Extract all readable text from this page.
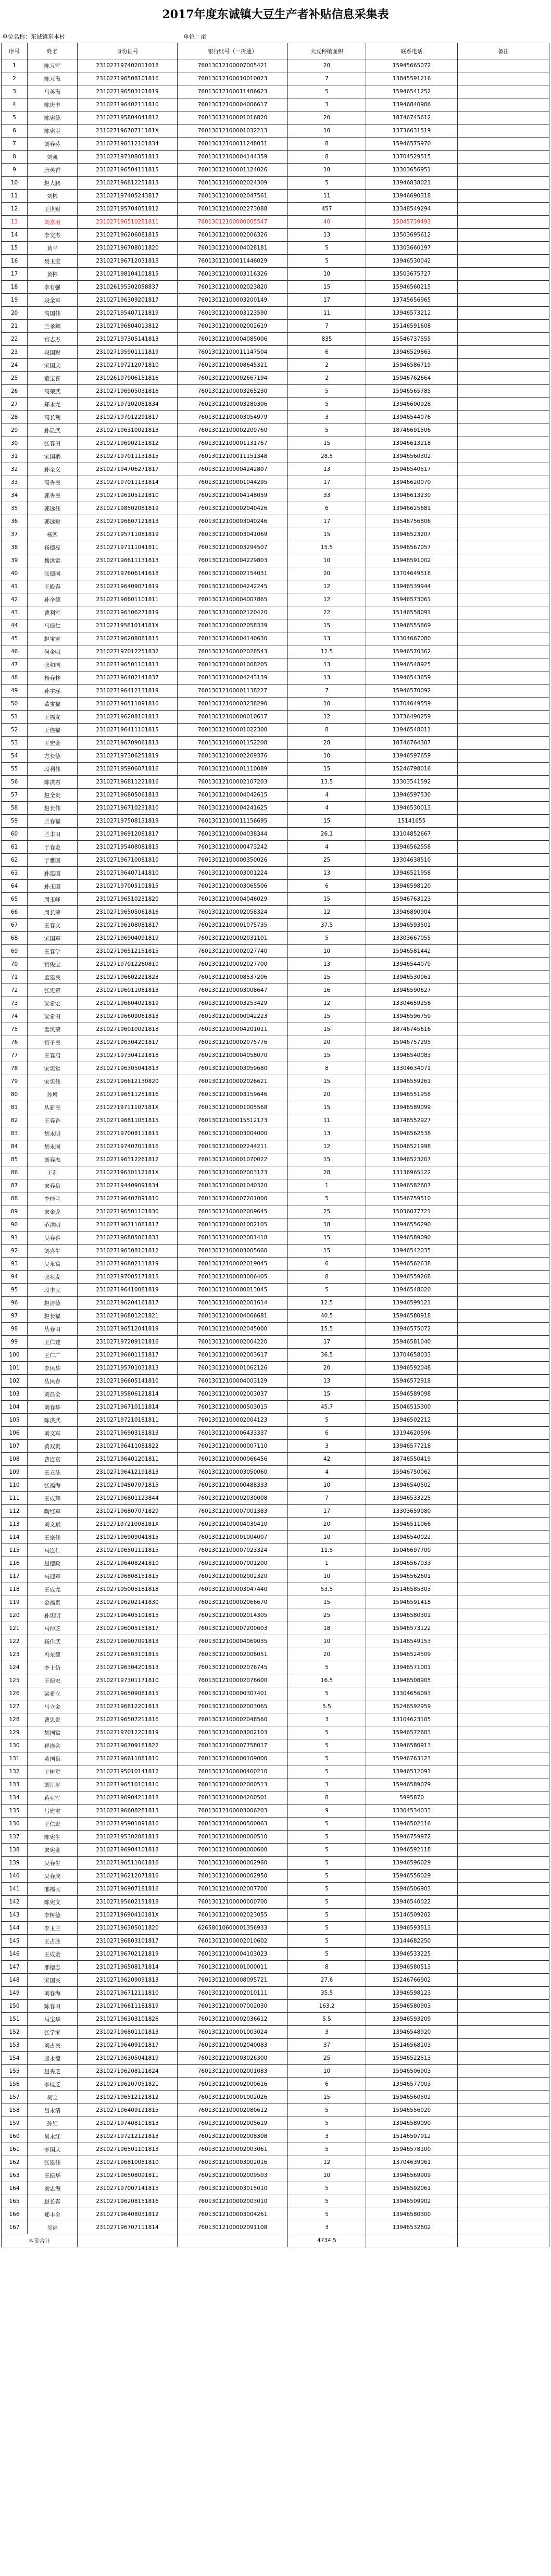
2017年度东诚镇大豆生产者补贴信息采集表
单位名称：东诚镇东本村	单位：亩
序号	姓名	身份证号	银行账号（一折通）	大豆种植面积	联系电话	备注
1	陈万军	231027197402011018	76013012100007005421	20	15945665072	
2	陈万海	231027196508101816	76013012100010010023	7	13845591216	
3	马英海	231027196503101819	76013012100011486623	5	15946541252	
4	陈庆丰	231027196402111810	76013012100004006617	3	13946840986	
5	陈宪德	231027195804041812	76013012100001016820	20	18746745612	
6	陈宪臣	23102719670711181X	76013012100001032213	10	13736631519	
7	刘春芬	231027198312101834	76013012100011248031	8	15946575970	
8	刘凯	231027197108051813	76013012100004144359	8	13704529515	
9	唐英香	231027196504111815	76013012100001124026	10	13303656951	
10	赵大鹏	231027196812251813	76013012100002024309	5	13946838021	
11	刘彬	231027197405243817	76013012100002047561	11	13946690318	
12	王世财	231027195704051812	76013012100002273088	457	13348549294	
13	刘嘉丽	231027196510281811	76013012100000005547	40	15045739493	
14	李交杰	231027196206081815	76013012100002006326	13	13503695612	
15	黄平	231027196708011820	76013012100004028181	5	13303660197	
16	聂玉宝	231027196712031818	76013012100011446029	5	13946530042	
17	黄彬	231027198104101815	76013012100003116326	10	13503675727	
18	李有强	231026195302058837	76013012100002023820	15	15946560215	
19	段金军	231027196309201817	76013012100003200149	17	13745656965	
20	高国伟	231027195407121819	76013012100003123590	11	13946573212	
21	兰孝卿	231027196804013812	76013012100002002619	7	15146591608	
22	宫志杰	231027197305141813	76013012100004085006	835	15546737555	
23	段国财	231027195901111819	76013012100011147504	6	13946529863	
24	宋国庆	231027197212071810	76013012100008645321	2	15946586719	
25	董宝喜	231026197906151816	76013012100002667194	2	15946762664	
26	高荣武	231027196905031816	76013012100003265230	5	15946565785	
27	郑永龙	231027197102081834	76013012100003280306	5	13946600928	
28	高长利	231027197012291817	76013012100003054979	3	13946544076	
29	孙显武	231027196310021813	76013012100002209760	5	18746691506	
30	张春田	231027196902131812	76013012100001131767	15	13946613218	
31	宋国柄	231027197011131815	76013012100011151348	28.5	13946560302	
32	孙全义	231027194706271817	76013012100004242807	13	15946540517	
33	高秀民	231027197011131814	76013012100001044295	17	13946620070	
34	郭秀民	231027196105121810	76013012100004148059	33	13946613230	
35	郭远伟	231027198502081819	76013012100002040426	6	13946625681	
36	郭远财	231027196607121813	76013012100003040246	17	15546756806	
37	杨四	231027195711081819	76013012100003041069	15	13946523207	
38	杨德亮	231027197111041811	76013012100003294507	15.5	15946567057	
39	魏洪雷	231027196611131813	76013012100004229803	10	13946591002	
40	张德国	231027197606141618	76013012100002154031	20	13704649518	
41	王殿春	231027196409071819	76013012100004242245	12	13946539944	
42	孙全德	231027196601101811	76013012100004007865	12	15946573061	
43	曹利军	231027196306271819	76013012100002120420	22	15146558091	
44	马德仁	23102719581014181X	76013012100002058339	15	13946555869	
45	赵宝宝	231027196208081815	76013012100004140630	13	13304667080	
46	何金明	231027197012251832	76013012100002028543	12.5	15946570362	
47	张和国	231027196501101813	76013012100001008205	13	13946548925	
48	杨春林	231027196402141837	76013012100004243139	13	13946543659	
49	孙宇琢	231027196412131819	76013012100001138227	7	15946570092	
50	董宝福	231027196511091816	76013012100003238290	10	13704649559	
51	王福友	231027196208101813	76013012100000010617	12	13736490259	
52	王连福	231027196411101815	76013012100001022300	8	13946548011	
53	王宏金	231027196709061813	76013012100001152208	28	18746764307	
54	方长德	231027197306251819	76013012100002269376	10	13946597659	
55	段利伟	231027195906071816	76013012100001110089	15	15246798016	
56	陈洪君	231027196811221816	76013012100002107203	13.5	13303541592	
57	赵全贵	231027196805061813	76013012100004042615	4	13946597530	
58	赵长伟	231027196710231810	76013012100004241625	4	13946530013	
59	兰春福	231027197508131819	76013012100011156695	15	15141655	
60	兰丰田	231027196912081817	76013012100004038344	26.1	13104852667	
61	于春金	231027195408081815	76013012100000473242	4	13946562558	
62	于雅国	231027196710081810	76013012100000350026	25	13304638510	
63	孙建国	231027196407141810	76013012100003001224	13	13946521958	
64	孙玉国	231027197005101815	76013012100003065506	6	13946598120	
65	周玉峰	231027196510231820	76013012100004046029	15	15946763123	
66	周长荣	231027196505061816	76013012100002058324	12	13946890904	
67	王春文	231027196108081817	76013012100001075735	37.5	13946593501	
68	宋国军	231027196904091819	76013012100002031101	5	13303667055	
69	王春学	231027196512151815	76013012100002027740	10	15946581442	
70	宫俊宝	231027197012260810	76013012100002027700	13	13946544079	
71	孟建民	231027196602221823	76013012100008537206	15	13946530961	
72	张宪章	231027196011081813	76013012100003008647	16	13946590627	
73	梁希宏	231027196604021819	76013012100003253429	12	13304659258	
74	梁希田	231027196609061813	76013012100000042223	15	13946596759	
75	盂凤荣	231027196010021818	76013012100004201011	15	18746745616	
76	宫子民	231027196304201817	76013012100002075776	20	15946757295	
77	王春启	231027197304121818	76013012100004058070	15	13946540083	
78	宋宪堂	231027196305041813	76013012100003059680	8	13304634071	
79	宋宪伟	231027196612130820	76013012100002026621	15	13946559261	
80	孙增	231027196511251816	76013012100003159646	20	13946551958	
81	丛新民	23102719711107181X	76013012100001005568	15	13946589099	
82	王春香	231027196811051815	76013012100015512173	11	18746552927	
83	胡永明	231027197008111815	76013012100003004000	13	15946562538	
84	胡永国	231027197407011816	76013012100002244211	12	15046521998	
85	刘春杰	231027196312261812	76013012100001070022	15	13946523207	
86	王利	23102719630112181X	76013012100002003173	28	13136965122	
87	宋春泉	231027194409091834	76013012100001040320	1	13946582607	
88	李桂兰	231027196407091810	76013012100007201000	5	13546759510	
89	宋金龙	231027196501101830	76013012100002009645	25	15036077721	
90	范洪明	231027196711081817	76013012100001002105	18	13946556290	
91	吴春喜	231027196805061833	76013012100002001418	15	13946589090	
92	刘喜生	231027196308101812	76013012100003005660	15	13946542035	
93	吴永富	231027196802111819	76013012100002019045	6	15946562638	
94	张兆发	231027197005171815	76013012100003006405	8	13946559268	
95	段丰民	231027196410081819	76013012100000013045	5	13946548020	
96	赵清德	231027196204161817	76013012100002001614	12.5	13946599121	
97	赵长福	231027196801201821	76013012100004066681	40.5	15946580918	
98	丛春田	231027196512041819	76013012100002045000	15.5	13946575072	
99	王仁建	231027197209101816	76013012100002004220	17	15946581040	
100	王仁广	231027196601151817	76013012100002003617	36.5	13704658033	
101	李民华	231027195701031813	76013012100001062126	20	13946592048	
102	丛民春	231027196605141810	76013012100004003129	13	15946572918	
103	刘昌全	231027195806121814	76013012100002003037	15	15946589098	
104	刘春华	231027196710111814	76013012100000503015	45.7	15046515300	
105	陈洪武	231027197210181811	76013012100002004123	5	13946502212	
106	刘文军	231027196903181813	76013012100006433337	6	13194620596	
107	黄双贵	231027196411081822	76013012100000007110	3	13946577218	
108	曹连富	231027196401201811	76013012100000066456	42	18746550419	
109	王立法	231027196412191813	76013012100003050060	4	15946750062	
110	张福海	231027194807071815	76013012100000488333	10	13946540502	
111	王成辉	231027196801123844	76013012100002030008	7	13946533225	
112	陶红军	231027196807071829	76013012100007001383	17	13303659080	
113	刘文斌	23102719721008181X	76013012100004030410	20	15946511066	
114	王宗伟	231027196909041815	76013012100001004007	10	13946540022	
115	马连仁	231027196501111815	76013012100007023324	11.5	15046697700	
116	赵德政	231027196408241810	76013012100007001200	1	13946567033	
117	马迎军	231027196808151815	76013012100002002320	10	15946562601	
118	王成龙	231027195005181818	76013012100003047440	53.5	15146585303	
119	金福贵	231027196202141830	76013012100002066670	15	15946591418	
120	孙宪明	231027196405101815	76013012100002014305	25	13946580301	
121	马仲芝	231027196005151817	76013012100007200603	18	15946573122	
122	杨作武	231027196907091813	76013012100004069035	10	15146549153	
123	冯东德	231027196503101815	76013012100002006051	20	15946524509	
124	李士仿	231027196304201813	76013012100002076745	5	13946571001	
125	王振宏	231027197301171810	76013012100002076600	16.5	13946508905	
126	梁希立	231027196509081815	76013012100000307401	5	13304656093	
127	马立金	231027196812201813	76013012100002003065	5.5	15246592959	
128	曹思贵	231027196507211816	76013012100002048560	3	13104623105	
129	胡国富	231027197012201819	76013012100003002103	5	15946572603	
130	崔连会	231027196709181822	76013012100007758017	5	13946580913	
131	黄国泉	231027196611081810	76013012100000109000	5	15946763123	
132	王树堂	231027195010141812	76013012100000460210	5	13946512091	
133	刘江平	231027196510101810	76013012100002000513	3	15946589079	
134	蒋亚军	231027196904211818	76013012100004200501	8	5995870	
135	吕建宝	231027196608281813	76013012100003006203	9	13304534033	
136	王仁贵	231027195901091816	76013012100000500063	5	13946502116	
137	陈宪生	231027195302081813	76013012100000000510	5	15946759972	
138	宋宪金	231027196904101818	76013012100000000600	5	13946592118	
139	吴春生	231027196511061816	76013012100000002960	5	13946596029	
140	吴春成	231027196212071816	76013012100000002950	5	15946556029	
141	邵福民	231027196907181816	76013012100002007700	5	15946506903	
142	陈宪文	231027195602151818	76013012100000000700	5	13946540022	
143	李树德	23102719690410181X	76013012100002023055	5	15146509202	
144	李玉兰	231027196305011820	62658010600001356933	5	13946593513	
145	王占胜	231027196803101817	76013012100002010602	5	13144682250	
146	王成金	231027196702121819	76013012100004103023	5	13946533225	
147	邢德志	231027196508171814	76013012100001000011	8	13946580513	
148	宋国民	231027196209091813	76013012100008095721	27.6	15246766902	
149	刘春海	231027196712111810	76013012100002010111	35.5	13946598123	
150	陈春田	231027196611181819	76013012100007002030	163.2	15946580903	
151	马宝华	231027196303101826	76013012100002036612	5.5	13946593209	
152	张学家	231027196801101813	76013012100001003024	3	13946548920	
153	刘占民	231027196409101817	76013012100002040083	37	15146568103	
154	唐永德	231027196305041819	76013012100003026300	25	15946522513	
155	赵秀芝	231027196208111824	76013012100002001083	10	15946506903	
156	李桂芝	231027196107051821	76013012100002000616	6	13946577003	
157	吴宝	231027196512121812	76013012100001002026	15	15946560502	
158	吕永清	231027196409121815	76013012100002080612	5	15946556029	
159	孙红	231027197408101813	76013012100002005619	5	13946589090	
160	吴永红	231027197212121813	76013012100002008308	3	15146507912	
161	李国庆	231027196501101813	76013012100002003061	5	15946578100	
162	张建伟	231027196810081810	76013012100003002016	12	13704639061	
163	王振华	231027196508091811	76013012100002009503	10	13946569909	
164	刘忠海	231027197007141815	76013012100003015010	5	15946592061	
165	赵长春	231027196208151816	76013012100002003010	5	13946509902	
166	郑丰全	231027196408031812	76013012100003004261	5	13946580300	
167	吴福	231027196707111814	76013012100002091108	3	13946532602	
本页合计				4734.5		
